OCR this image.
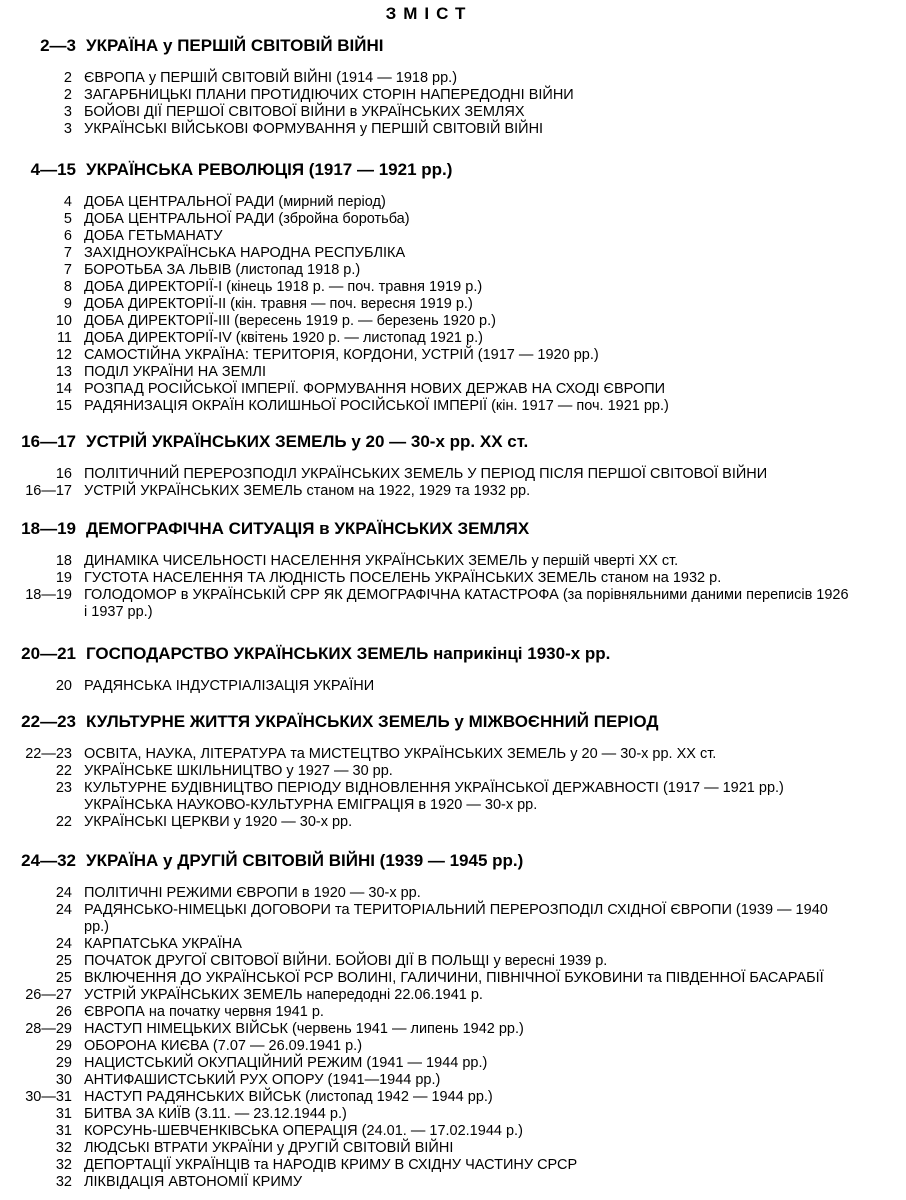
ЗМІСТ
2—3 УКРАЇНА у ПЕРШІЙ СВІТОВІЙ ВІЙНІ
2 ЄВРОПА у ПЕРШІЙ СВІТОВІЙ ВІЙНІ (1914 — 1918 рр.)
2 ЗАГАРБНИЦЬКІ ПЛАНИ ПРОТИДІЮЧИХ СТОРІН НАПЕРЕДОДНІ ВІЙНИ
3 БОЙОВІ ДІЇ ПЕРШОЇ СВІТОВОЇ ВІЙНИ в УКРАЇНСЬКИХ ЗЕМЛЯХ
3 УКРАЇНСЬКІ ВІЙСЬКОВІ ФОРМУВАННЯ у ПЕРШІЙ СВІТОВІЙ ВІЙНІ
4—15 УКРАЇНСЬКА РЕВОЛЮЦІЯ (1917 — 1921 рр.)
4 ДОБА ЦЕНТРАЛЬНОЇ РАДИ (мирний період)
5 ДОБА ЦЕНТРАЛЬНОЇ РАДИ (збройна боротьба)
6 ДОБА ГЕТЬМАНАТУ
7 ЗАХІДНОУКРАЇНСЬКА НАРОДНА РЕСПУБЛІКА
7 БОРОТЬБА ЗА ЛЬВІВ (листопад 1918 р.)
8 ДОБА ДИРЕКТОРІЇ-І (кінець 1918 р. — поч. травня 1919 р.)
9 ДОБА ДИРЕКТОРІЇ-ІІ (кін. травня — поч. вересня 1919 р.)
10 ДОБА ДИРЕКТОРІЇ-ІІІ (вересень 1919 р. — березень 1920 р.)
11 ДОБА ДИРЕКТОРІЇ-ІV (квітень 1920 р. — листопад 1921 р.)
12 САМОСТІЙНА УКРАЇНА: ТЕРИТОРІЯ, КОРДОНИ, УСТРІЙ (1917 — 1920 рр.)
13 ПОДІЛ УКРАЇНИ НА ЗЕМЛІ
14 РОЗПАД РОСІЙСЬКОЇ ІМПЕРІЇ. ФОРМУВАННЯ НОВИХ ДЕРЖАВ НА СХОДІ ЄВРОПИ
15 РАДЯНИЗАЦІЯ ОКРАЇН КОЛИШНЬОЇ РОСІЙСЬКОЇ ІМПЕРІЇ (кін. 1917 — поч. 1921 рр.)
16—17 УСТРІЙ УКРАЇНСЬКИХ ЗЕМЕЛЬ у 20 — 30-х рр. ХХ ст.
16 ПОЛІТИЧНИЙ ПЕРЕРОЗПОДІЛ УКРАЇНСЬКИХ ЗЕМЕЛЬ У ПЕРІОД ПІСЛЯ ПЕРШОЇ СВІТОВОЇ ВІЙНИ
16—17 УСТРІЙ УКРАЇНСЬКИХ ЗЕМЕЛЬ станом на 1922, 1929 та 1932 рр.
18—19 ДЕМОГРАФІЧНА СИТУАЦІЯ в УКРАЇНСЬКИХ ЗЕМЛЯХ
18 ДИНАМІКА ЧИСЕЛЬНОСТІ НАСЕЛЕННЯ УКРАЇНСЬКИХ ЗЕМЕЛЬ у першій чверті ХХ ст.
19 ГУСТОТА НАСЕЛЕННЯ ТА ЛЮДНІСТЬ ПОСЕЛЕНЬ УКРАЇНСЬКИХ ЗЕМЕЛЬ станом на 1932 р.
18—19 ГОЛОДОМОР в УКРАЇНСЬКІЙ СРР ЯК ДЕМОГРАФІЧНА КАТАСТРОФА (за порівняльними даними переписів 1926 і 1937 рр.)
20—21 ГОСПОДАРСТВО УКРАЇНСЬКИХ ЗЕМЕЛЬ наприкінці 1930-х рр.
20 РАДЯНСЬКА ІНДУСТРІАЛІЗАЦІЯ УКРАЇНИ
22—23 КУЛЬТУРНЕ ЖИТТЯ УКРАЇНСЬКИХ ЗЕМЕЛЬ у МІЖВОЄННИЙ ПЕРІОД
22—23 ОСВІТА, НАУКА, ЛІТЕРАТУРА та МИСТЕЦТВО УКРАЇНСЬКИХ ЗЕМЕЛЬ у 20 — 30-х рр. ХХ ст.
22 УКРАЇНСЬКЕ ШКІЛЬНИЦТВО у 1927 — 30 рр.
23 КУЛЬТУРНЕ БУДІВНИЦТВО ПЕРІОДУ ВІДНОВЛЕННЯ УКРАЇНСЬКОЇ ДЕРЖАВНОСТІ (1917 — 1921 рр.)
УКРАЇНСЬКА НАУКОВО-КУЛЬТУРНА ЕМІГРАЦІЯ в 1920 — 30-х рр.
22 УКРАЇНСЬКІ ЦЕРКВИ у 1920 — 30-х рр.
24—32 УКРАЇНА у ДРУГІЙ СВІТОВІЙ ВІЙНІ (1939 — 1945 рр.)
24 ПОЛІТИЧНІ РЕЖИМИ ЄВРОПИ в 1920 — 30-х рр.
24 РАДЯНСЬКО-НІМЕЦЬКІ ДОГОВОРИ та ТЕРИТОРІАЛЬНИЙ ПЕРЕРОЗПОДІЛ СХІДНОЇ ЄВРОПИ (1939 — 1940 рр.)
24 КАРПАТСЬКА УКРАЇНА
25 ПОЧАТОК ДРУГОЇ СВІТОВОЇ ВІЙНИ. БОЙОВІ ДІЇ В ПОЛЬЩІ у вересні 1939 р.
25 ВКЛЮЧЕННЯ ДО УКРАЇНСЬКОЇ РСР ВОЛИНІ, ГАЛИЧИНИ, ПІВНІЧНОЇ БУКОВИНИ та ПІВДЕННОЇ БАСАРАБІЇ
26—27 УСТРІЙ УКРАЇНСЬКИХ ЗЕМЕЛЬ напередодні 22.06.1941 р.
26 ЄВРОПА на початку червня 1941 р.
28—29 НАСТУП НІМЕЦЬКИХ ВІЙСЬК (червень 1941 — липень 1942 рр.)
29 ОБОРОНА КИЄВА (7.07 — 26.09.1941 р.)
29 НАЦИСТСЬКИЙ ОКУПАЦІЙНИЙ РЕЖИМ (1941 — 1944 рр.)
30 АНТИФАШИСТСЬКИЙ РУХ ОПОРУ (1941—1944 рр.)
30—31 НАСТУП РАДЯНСЬКИХ ВІЙСЬК (листопад 1942 — 1944 рр.)
31 БИТВА ЗА КИЇВ (3.11. — 23.12.1944 р.)
31 КОРСУНЬ-ШЕВЧЕНКІВСЬКА ОПЕРАЦІЯ (24.01. — 17.02.1944 р.)
32 ЛЮДСЬКІ ВТРАТИ УКРАЇНИ у ДРУГІЙ СВІТОВІЙ ВІЙНІ
32 ДЕПОРТАЦІЇ УКРАЇНЦІВ та НАРОДІВ КРИМУ В СХІДНУ ЧАСТИНУ СРСР
32 ЛІКВІДАЦІЯ АВТОНОМІЇ КРИМУ
